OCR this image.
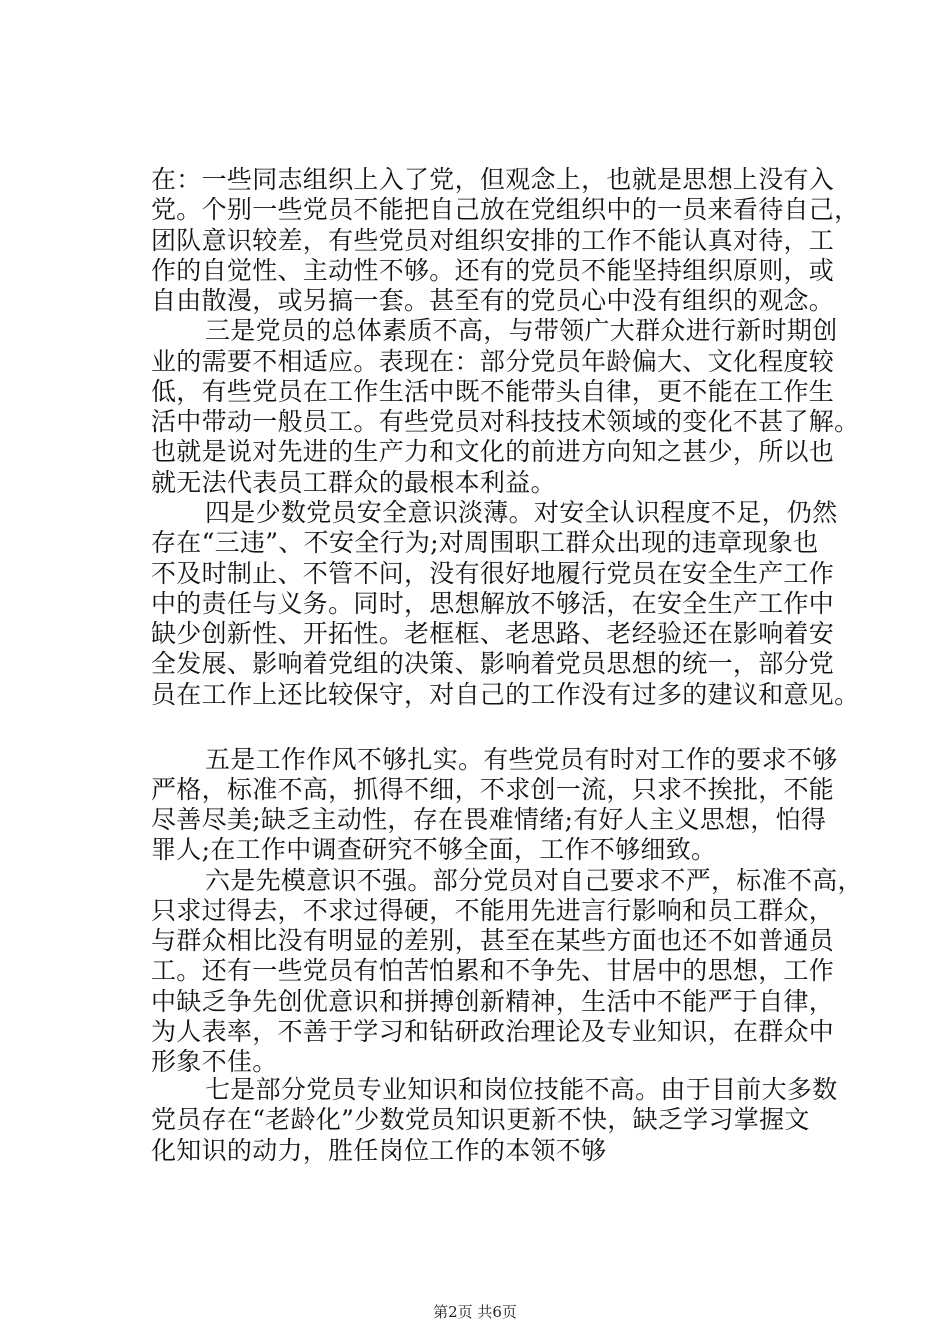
在：一些同志组织上入了党，但观念上，也就是思想上没有入
党。个别一些党员不能把自己放在党组织中的一员来看待自己，
团队意识较差，有些党员对组织安排的工作不能认真对待，工
作的自觉性、主动性不够。还有的党员不能坚持组织原则，或
自由散漫，或另搞一套。甚至有的党员心中没有组织的观念。
三是党员的总体素质不高，与带领广大群众进行新时期创
业的需要不相适应。表现在：部分党员年龄偏大、文化程度较
低，有些党员在工作生活中既不能带头自律，更不能在工作生
活中带动一般员工。有些党员对科技技术领域的变化不甚了解。
也就是说对先进的生产力和文化的前进方向知之甚少，所以也
就无法代表员工群众的最根本利益。
四是少数党员安全意识淡薄。对安全认识程度不足，仍然
存在“三违”、不安全行为;对周围职工群众出现的违章现象也
不及时制止、不管不问，没有很好地履行党员在安全生产工作
中的责任与义务。同时，思想解放不够活，在安全生产工作中
缺少创新性、开拓性。老框框、老思路、老经验还在影响着安
全发展、影响着党组的决策、影响着党员思想的统一，部分党
员在工作上还比较保守，对自己的工作没有过多的建议和意见。
五是工作作风不够扎实。有些党员有时对工作的要求不够
严格，标准不高，抓得不细，不求创一流，只求不挨批，不能
尽善尽美;缺乏主动性，存在畏难情绪;有好人主义思想，怕得
罪人;在工作中调查研究不够全面，工作不够细致。
六是先模意识不强。部分党员对自己要求不严，标准不高，
只求过得去，不求过得硬，不能用先进言行影响和员工群众，
与群众相比没有明显的差别，甚至在某些方面也还不如普通员
工。还有一些党员有怕苦怕累和不争先、甘居中的思想，工作
中缺乏争先创优意识和拼搏创新精神，生活中不能严于自律，
为人表率，不善于学习和钻研政治理论及专业知识，在群众中
形象不佳。
七是部分党员专业知识和岗位技能不高。由于目前大多数
党员存在“老龄化”少数党员知识更新不快，缺乏学习掌握文
化知识的动力，胜任岗位工作的本领不够
第2页 共6页
